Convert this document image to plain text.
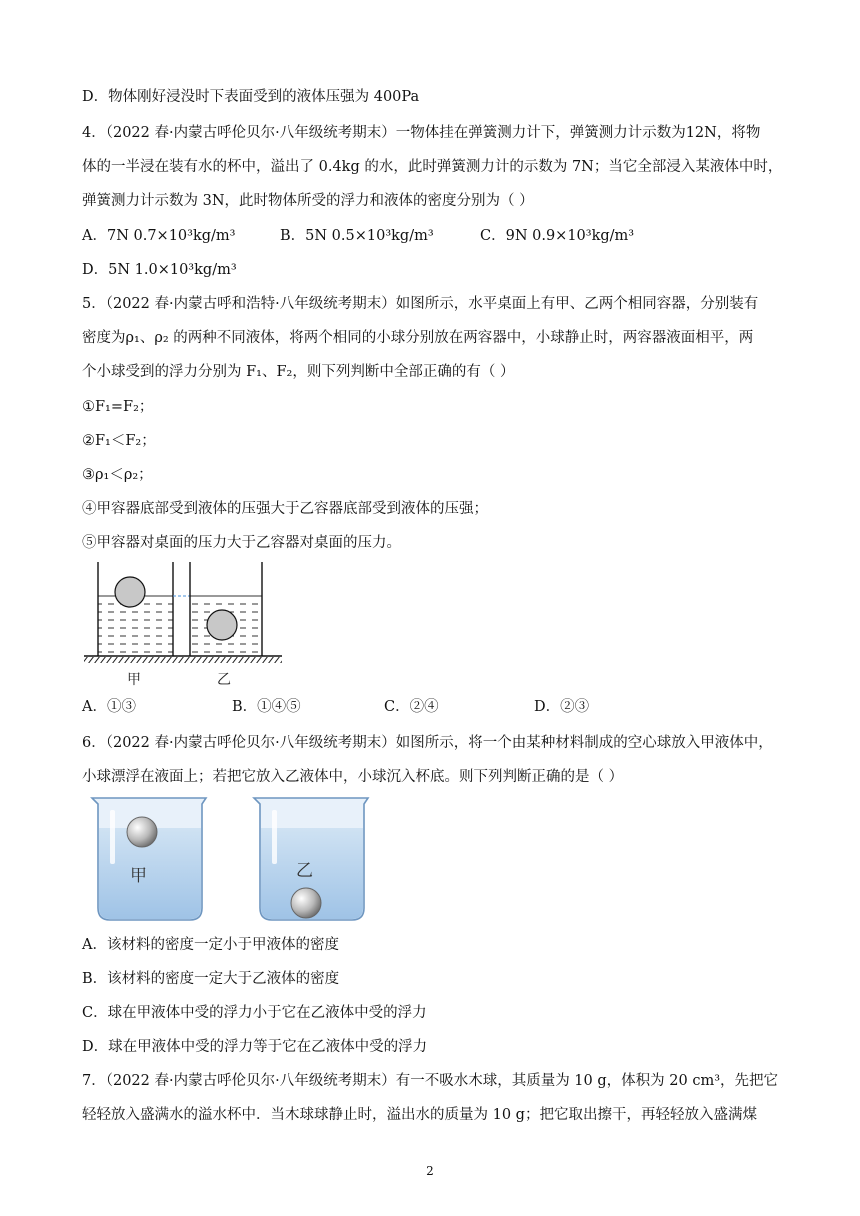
D．物体刚好浸没时下表面受到的液体压强为 400Pa
4．（2022 春·内蒙古呼伦贝尔·八年级统考期末）一物体挂在弹簧测力计下，弹簧测力计示数为12N，将物
体的一半浸在装有水的杯中，溢出了 0.4kg 的水，此时弹簧测力计的示数为 7N；当它全部浸入某液体中时，
弹簧测力计示数为 3N，此时物体所受的浮力和液体的密度分别为（ ）
A．7N 0.7×10³kg/m³	B．5N 0.5×10³kg/m³	C．9N 0.9×10³kg/m³
D．5N 1.0×10³kg/m³
5．（2022 春·内蒙古呼和浩特·八年级统考期末）如图所示，水平桌面上有甲、乙两个相同容器，分别装有
密度为ρ₁、ρ₂ 的两种不同液体，将两个相同的小球分别放在两容器中，小球静止时，两容器液面相平，两
个小球受到的浮力分别为 F₁、F₂，则下列判断中全部正确的有（ ）
①F₁=F₂；
②F₁＜F₂；
③ρ₁＜ρ₂；
④甲容器底部受到液体的压强大于乙容器底部受到液体的压强；
⑤甲容器对桌面的压力大于乙容器对桌面的压力。
甲	乙
A．①③	B．①④⑤	C．②④	D．②③
6．（2022 春·内蒙古呼伦贝尔·八年级统考期末）如图所示，将一个由某种材料制成的空心球放入甲液体中，
小球漂浮在液面上；若把它放入乙液体中，小球沉入杯底。则下列判断正确的是（ ）
甲	乙
A．该材料的密度一定小于甲液体的密度
B．该材料的密度一定大于乙液体的密度
C．球在甲液体中受的浮力小于它在乙液体中受的浮力
D．球在甲液体中受的浮力等于它在乙液体中受的浮力
7．（2022 春·内蒙古呼伦贝尔·八年级统考期末）有一不吸水木球，其质量为 10 g，体积为 20 cm³，先把它
轻轻放入盛满水的溢水杯中．当木球球静止时，溢出水的质量为 10 g；把它取出擦干，再轻轻放入盛满煤
2
